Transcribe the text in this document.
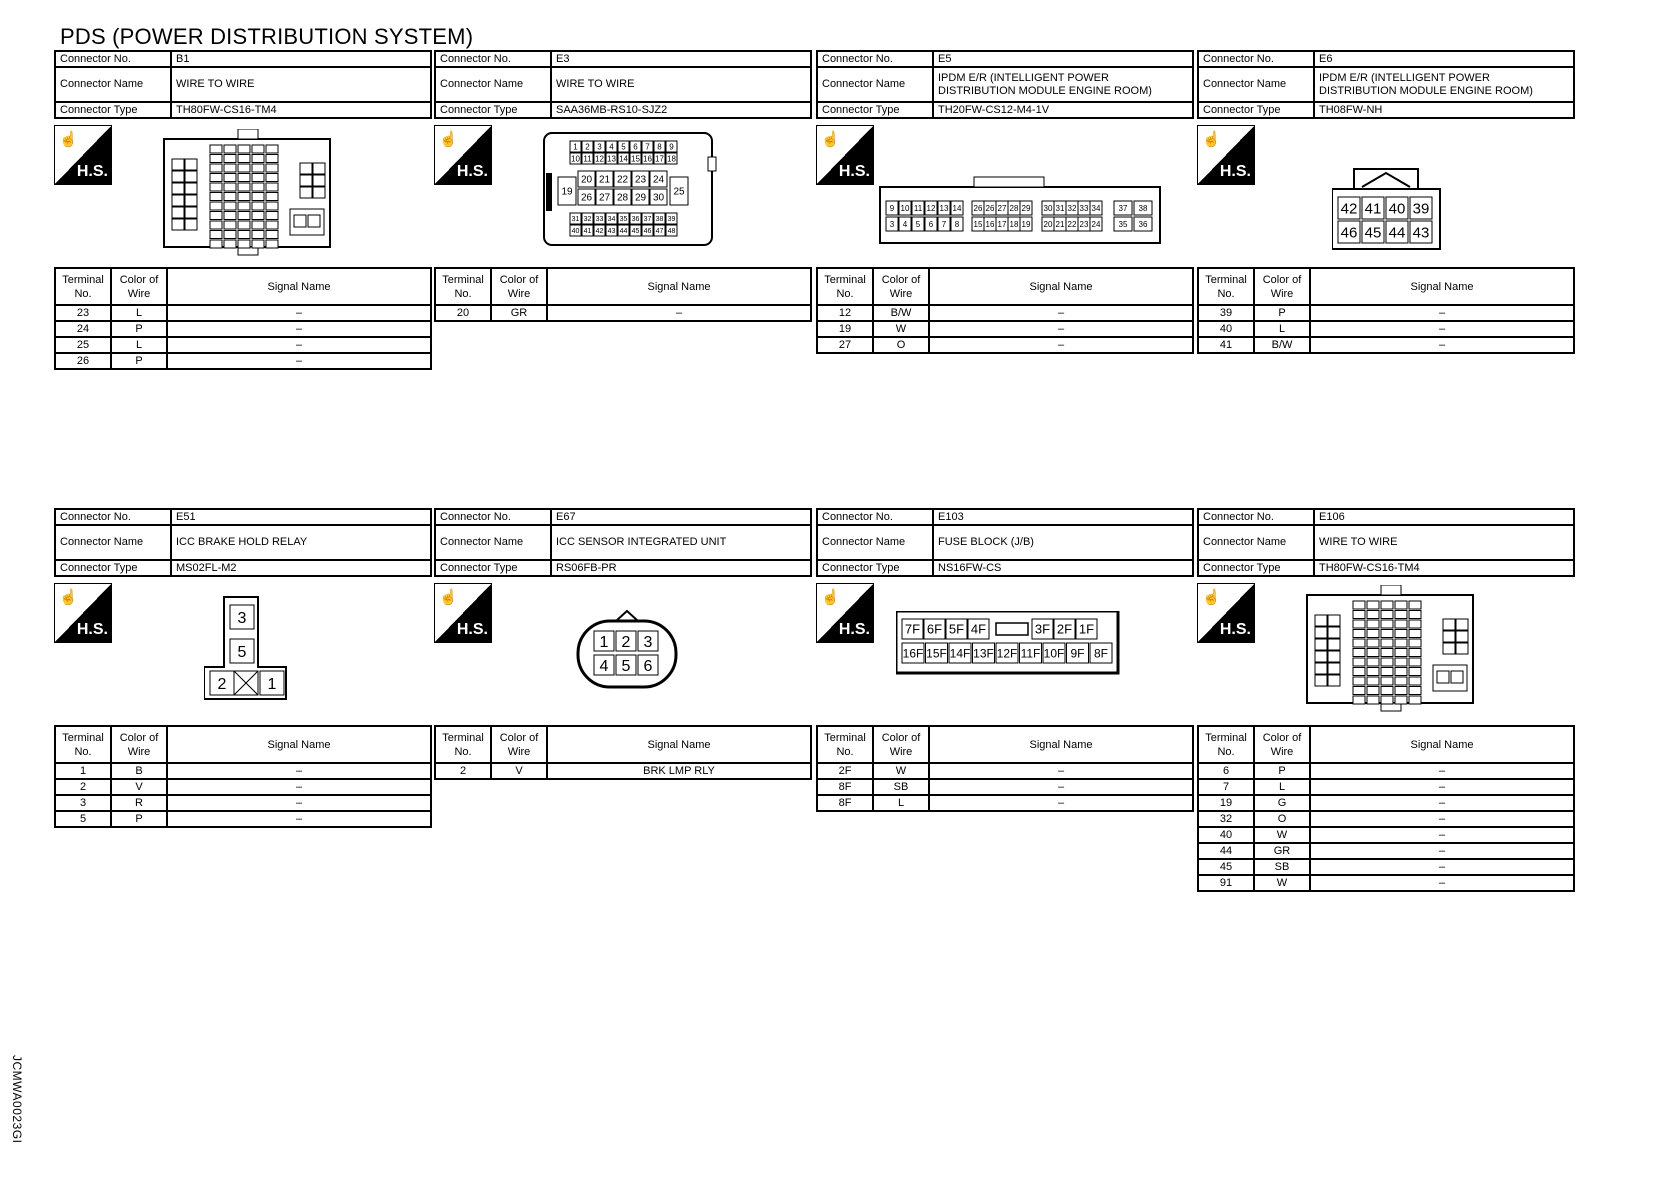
PDS (POWER DISTRIBUTION SYSTEM)
JCMWA0023GI
Connector No.	B1
Connector Name	WIRE TO WIRE
Connector Type	TH80FW-CS16-TM4
☝
H.S.
Terminal No.	Color of Wire	Signal Name
23	L	–
24	P	–
25	L	–
26	P	–
Connector No.	E3
Connector Name	WIRE TO WIRE
Connector Type	SAA36MB-RS10-SJZ2
☝
H.S.
1 2 3 4 5 6 7 8 9
10 11 12 13 14 15 16 17 18
19
20 21 22 23 24
26 27 28 29 30
25
31 32 33 34 35 36 37 38 39
40 41 42 43 44 45 46 47 48
Terminal No.	Color of Wire	Signal Name
20	GR	–
Connector No.	E5
Connector Name	IPDM E/R (INTELLIGENT POWER DISTRIBUTION MODULE ENGINE ROOM)
Connector Type	TH20FW-CS12-M4-1V
☝
H.S.
9
3
10
4
11
5
12
6
13
7
14
8
26
15
26
16
27
17
28
18
29
19
30
20
31
21
32
22
33
23
34
24
37
35
38
36
Terminal No.	Color of Wire	Signal Name
12	B/W	–
19	W	–
27	O	–
Connector No.	E6
Connector Name	IPDM E/R (INTELLIGENT POWER DISTRIBUTION MODULE ENGINE ROOM)
Connector Type	TH08FW-NH
☝
H.S.
42 41 40 39
46 45 44 43
Terminal No.	Color of Wire	Signal Name
39	P	–
40	L	–
41	B/W	–
Connector No.	E51
Connector Name	ICC BRAKE HOLD RELAY
Connector Type	MS02FL-M2
☝
H.S.
3
5
2	1
Terminal No.	Color of Wire	Signal Name
1	B	–
2	V	–
3	R	–
5	P	–
Connector No.	E67
Connector Name	ICC SENSOR INTEGRATED UNIT
Connector Type	RS06FB-PR
☝
H.S.
1 2 3
4 5 6
Terminal No.	Color of Wire	Signal Name
2	V	BRK LMP RLY
Connector No.	E103
Connector Name	FUSE BLOCK (J/B)
Connector Type	NS16FW-CS
☝
H.S.	7F 6F 5F 4F	3F 2F 1F
16F 15F 14F 13F 12F 11F 10F 9F 8F
Terminal No.	Color of Wire	Signal Name
2F	W	–
8F	SB	–
8F	L	–
Connector No.	E106
Connector Name	WIRE TO WIRE
Connector Type	TH80FW-CS16-TM4
☝
H.S.
Terminal No.	Color of Wire	Signal Name
6	P	–
7	L	–
19	G	–
32	O	–
40	W	–
44	GR	–
45	SB	–
91	W	–
